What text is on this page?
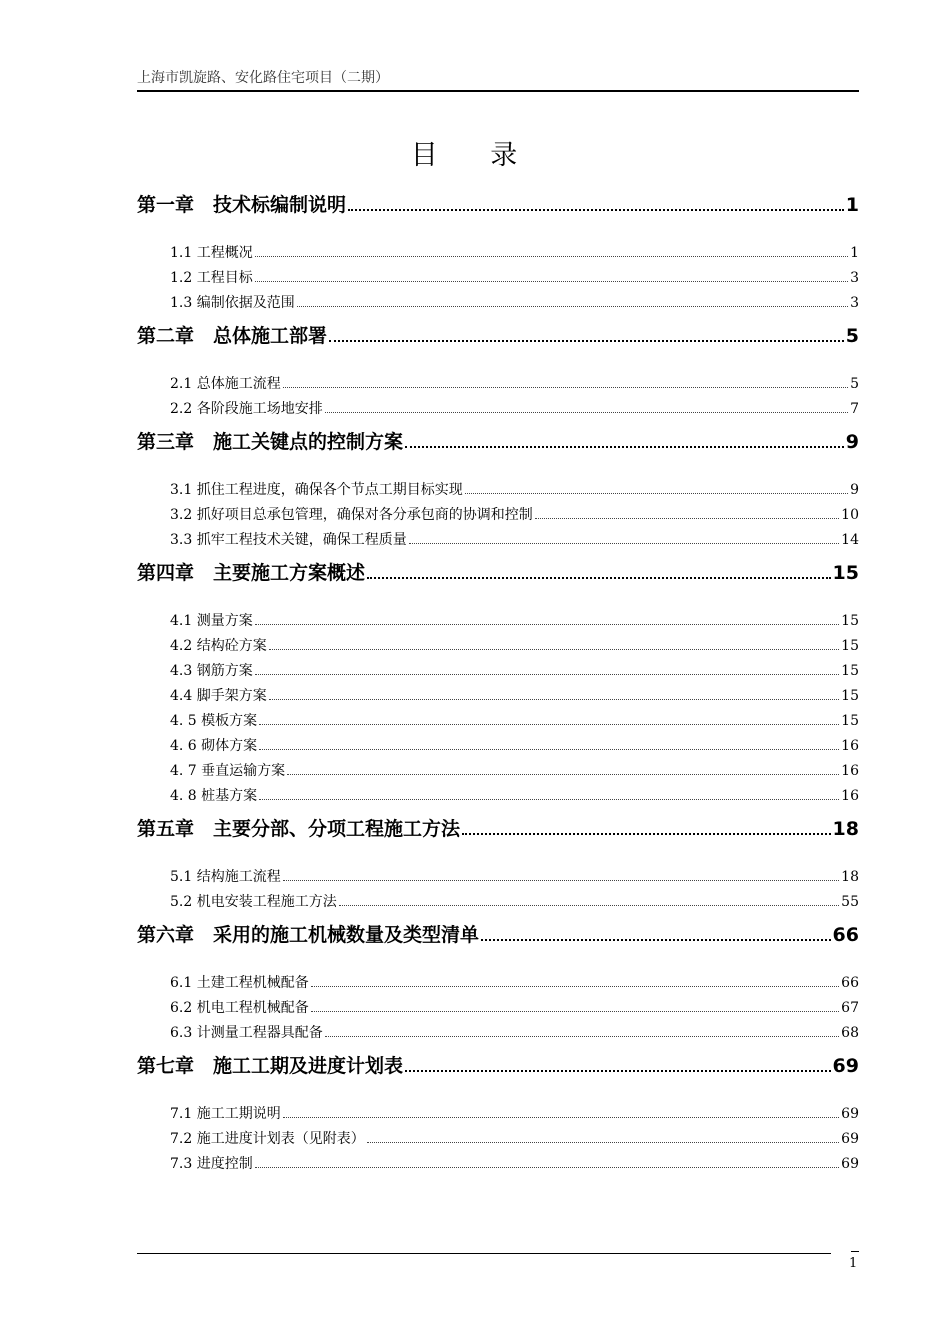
上海市凯旋路、安化路住宅项目（二期）
目 录
第一章　技术标编制说明	1
1.1 工程概况	1
1.2 工程目标	3
1.3 编制依据及范围	3
第二章　总体施工部署	5
2.1 总体施工流程	5
2.2 各阶段施工场地安排	7
第三章　施工关键点的控制方案	9
3.1 抓住工程进度，确保各个节点工期目标实现	9
3.2 抓好项目总承包管理，确保对各分承包商的协调和控制	10
3.3 抓牢工程技术关键，确保工程质量	14
第四章　主要施工方案概述	15
4.1 测量方案	15
4.2 结构砼方案	15
4.3 钢筋方案	15
4.4 脚手架方案	15
4. 5 模板方案	15
4. 6 砌体方案	16
4. 7 垂直运输方案	16
4. 8 桩基方案	16
第五章　主要分部、分项工程施工方法	18
5.1 结构施工流程	18
5.2 机电安装工程施工方法	55
第六章　采用的施工机械数量及类型清单	66
6.1 土建工程机械配备	66
6.2 机电工程机械配备	67
6.3 计测量工程器具配备	68
第七章　施工工期及进度计划表	69
7.1 施工工期说明	69
7.2 施工进度计划表（见附表）	69
7.3 进度控制	69
1
